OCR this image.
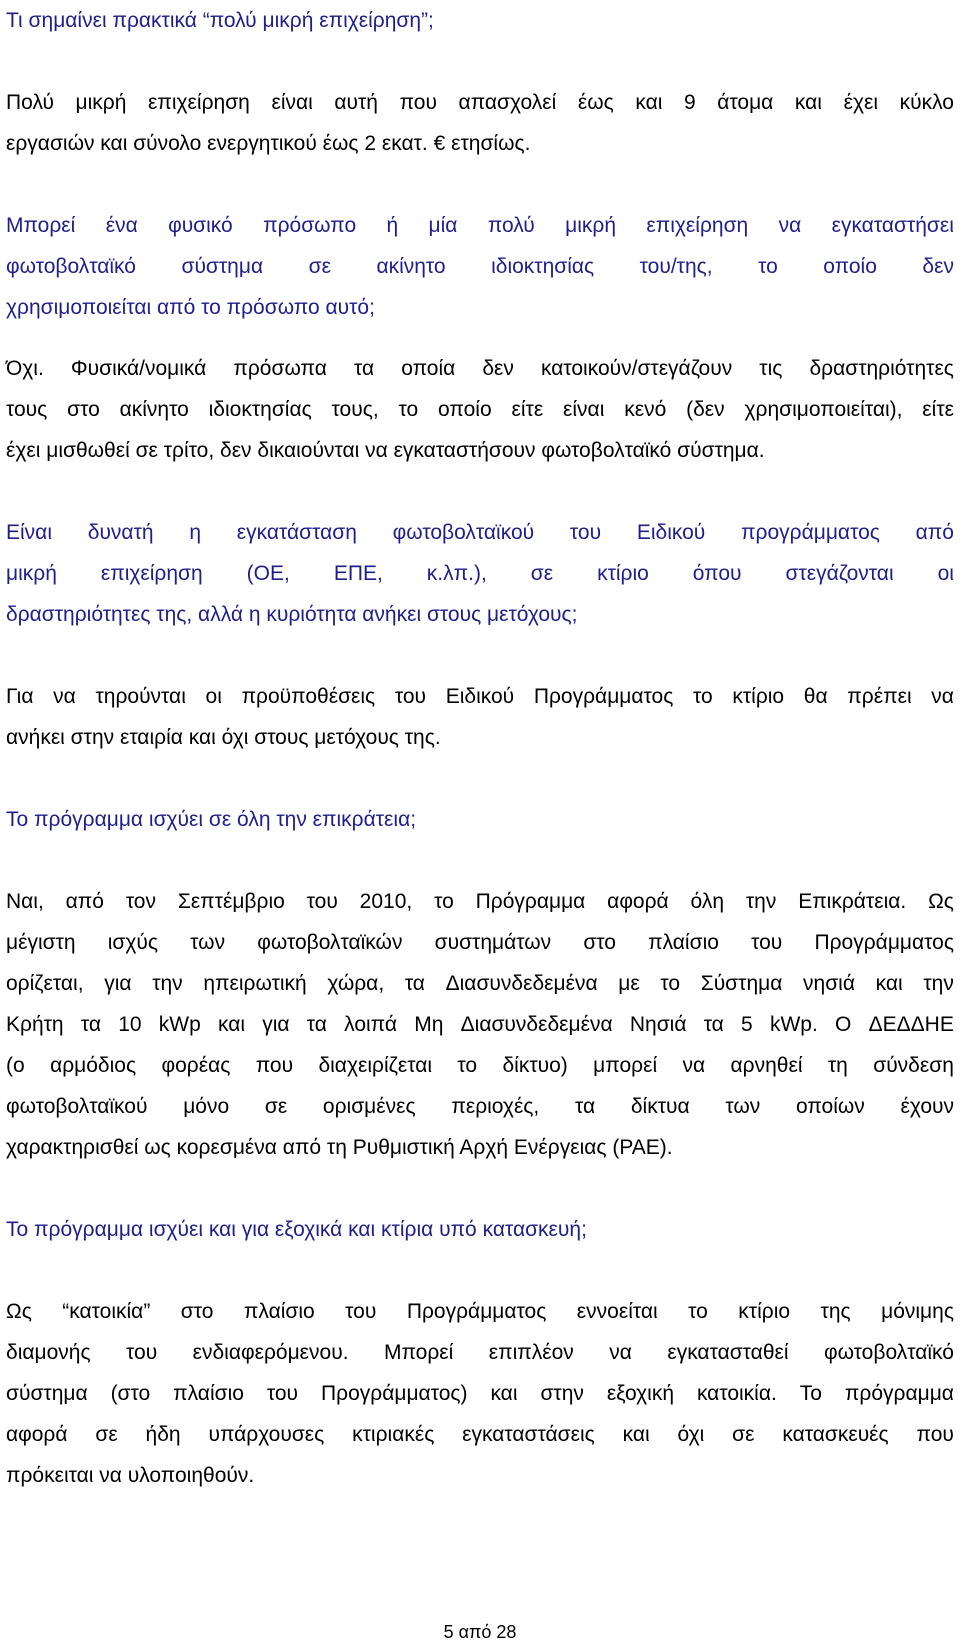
Τι σημαίνει πρακτικά “πολύ μικρή επιχείρηση”;
Πολύ μικρή επιχείρηση είναι αυτή που απασχολεί έως και 9 άτομα και έχει κύκλο
εργασιών και σύνολο ενεργητικού έως 2 εκατ. € ετησίως.
Μπορεί ένα φυσικό πρόσωπο ή μία πολύ μικρή επιχείρηση να εγκαταστήσει
φωτοβολταϊκό σύστημα σε ακίνητο ιδιοκτησίας του/της, το οποίο δεν
χρησιμοποιείται από το πρόσωπο αυτό;
Όχι. Φυσικά/νομικά πρόσωπα τα οποία δεν κατοικούν/στεγάζουν τις δραστηριότητες
τους στο ακίνητο ιδιοκτησίας τους, το οποίο είτε είναι κενό (δεν χρησιμοποιείται), είτε
έχει μισθωθεί σε τρίτο, δεν δικαιούνται να εγκαταστήσουν φωτοβολταϊκό σύστημα.
Είναι δυνατή η εγκατάσταση φωτοβολταϊκού του Ειδικού προγράμματος από
μικρή επιχείρηση (ΟΕ, ΕΠΕ, κ.λπ.), σε κτίριο όπου στεγάζονται οι
δραστηριότητες της, αλλά η κυριότητα ανήκει στους μετόχους;
Για να τηρούνται οι προϋποθέσεις του Ειδικού Προγράμματος το κτίριο θα πρέπει να
ανήκει στην εταιρία και όχι στους μετόχους της.
Το πρόγραμμα ισχύει σε όλη την επικράτεια;
Ναι, από τον Σεπτέμβριο του 2010, το Πρόγραμμα αφορά όλη την Επικράτεια. Ως
μέγιστη ισχύς των φωτοβολταϊκών συστημάτων στο πλαίσιο του Προγράμματος
ορίζεται, για την ηπειρωτική χώρα, τα Διασυνδεδεμένα με το Σύστημα νησιά και την
Κρήτη τα 10 kWp και για τα λοιπά Μη Διασυνδεδεμένα Νησιά τα 5 kWp. Ο ΔΕΔΔΗΕ
(ο αρμόδιος φορέας που διαχειρίζεται το δίκτυο) μπορεί να αρνηθεί τη σύνδεση
φωτοβολταϊκού μόνο σε ορισμένες περιοχές, τα δίκτυα των οποίων έχουν
χαρακτηρισθεί ως κορεσμένα από τη Ρυθμιστική Αρχή Ενέργειας (ΡΑΕ).
Το πρόγραμμα ισχύει και για εξοχικά και κτίρια υπό κατασκευή;
Ως “κατοικία” στο πλαίσιο του Προγράμματος εννοείται το κτίριο της μόνιμης
διαμονής του ενδιαφερόμενου. Μπορεί επιπλέον να εγκατασταθεί φωτοβολταϊκό
σύστημα (στο πλαίσιο του Προγράμματος) και στην εξοχική κατοικία. Το πρόγραμμα
αφορά σε ήδη υπάρχουσες κτιριακές εγκαταστάσεις και όχι σε κατασκευές που
πρόκειται να υλοποιηθούν.
5 από 28
